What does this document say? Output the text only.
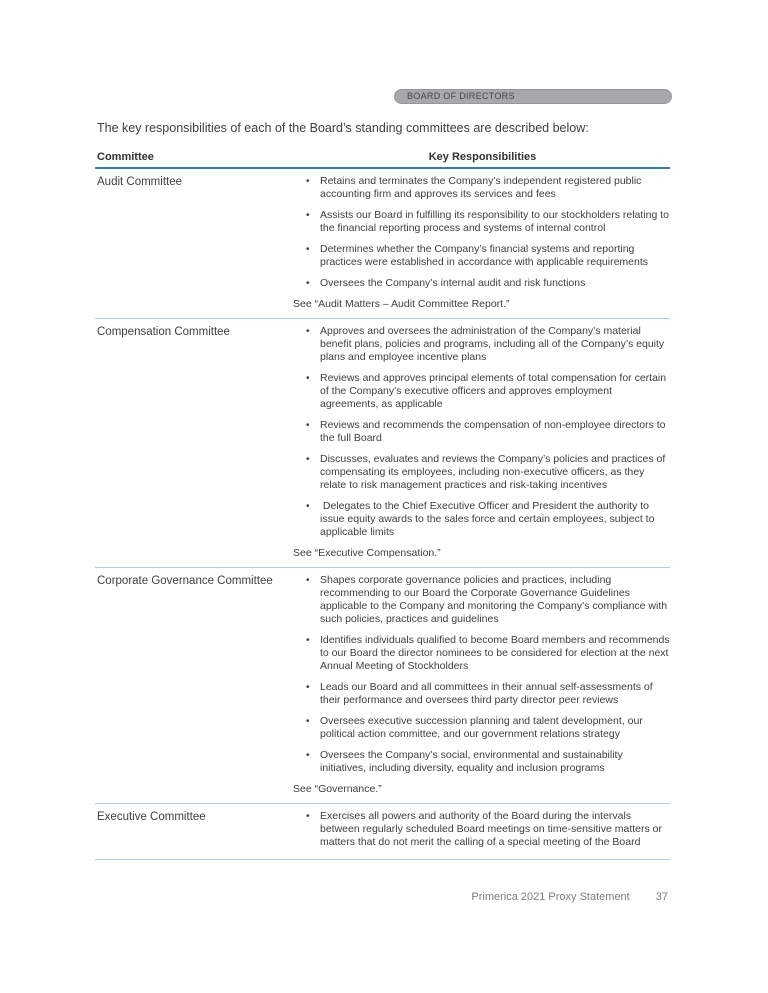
BOARD OF DIRECTORS

The key responsibilities of each of the Board’s standing committees are described below:

Committee	Key Responsibilities
Audit Committee	• Retains and terminates the Company’s independent registered public accounting firm and approves its services and fees
• Assists our Board in fulfilling its responsibility to our stockholders relating to the financial reporting process and systems of internal control
• Determines whether the Company’s financial systems and reporting practices were established in accordance with applicable requirements
• Oversees the Company’s internal audit and risk functions
See “Audit Matters – Audit Committee Report.”
Compensation Committee	• Approves and oversees the administration of the Company’s material benefit plans, policies and programs, including all of the Company’s equity plans and employee incentive plans
• Reviews and approves principal elements of total compensation for certain of the Company’s executive officers and approves employment agreements, as applicable
• Reviews and recommends the compensation of non-employee directors to the full Board
• Discusses, evaluates and reviews the Company’s policies and practices of compensating its employees, including non-executive officers, as they relate to risk management practices and risk-taking incentives
• Delegates to the Chief Executive Officer and President the authority to issue equity awards to the sales force and certain employees, subject to applicable limits
See “Executive Compensation.”
Corporate Governance Committee	• Shapes corporate governance policies and practices, including recommending to our Board the Corporate Governance Guidelines applicable to the Company and monitoring the Company’s compliance with such policies, practices and guidelines
• Identifies individuals qualified to become Board members and recommends to our Board the director nominees to be considered for election at the next Annual Meeting of Stockholders
• Leads our Board and all committees in their annual self-assessments of their performance and oversees third party director peer reviews
• Oversees executive succession planning and talent development, our political action committee, and our government relations strategy
• Oversees the Company’s social, environmental and sustainability initiatives, including diversity, equality and inclusion programs
See “Governance.”
Executive Committee	• Exercises all powers and authority of the Board during the intervals between regularly scheduled Board meetings on time-sensitive matters or matters that do not merit the calling of a special meeting of the Board
Primerica 2021 Proxy Statement 37
